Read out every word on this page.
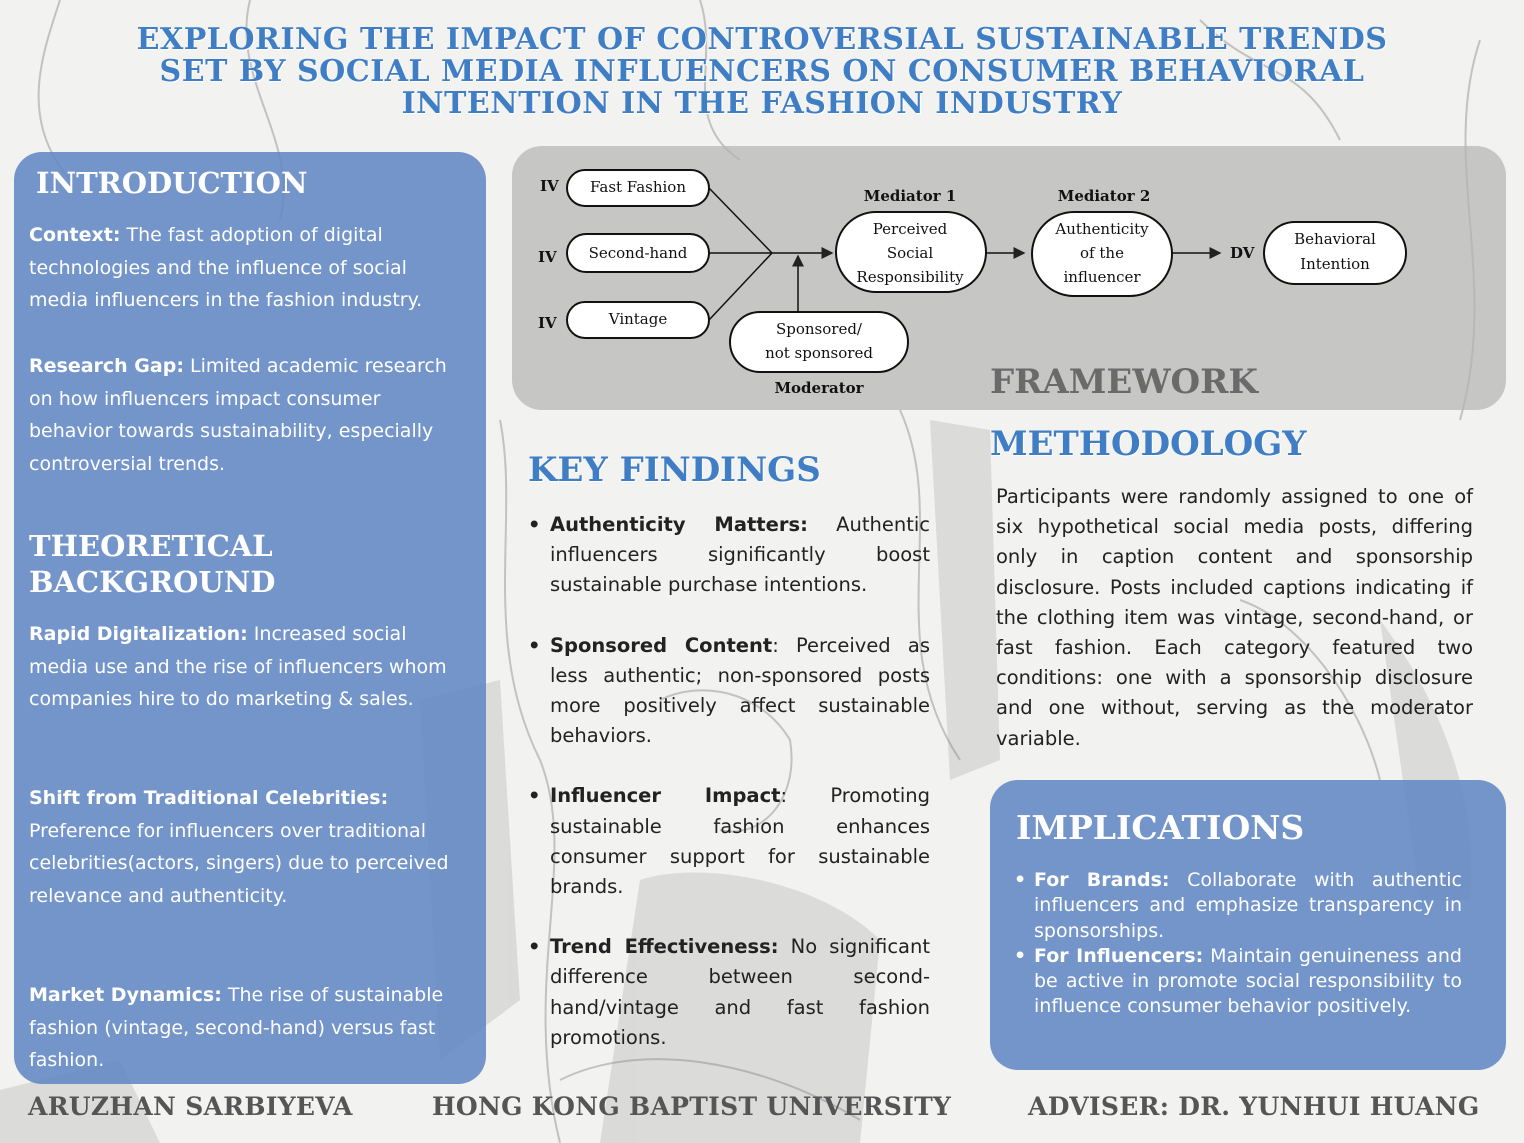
EXPLORING THE IMPACT OF CONTROVERSIAL SUSTAINABLE TRENDS
SET BY SOCIAL MEDIA INFLUENCERS ON CONSUMER BEHAVIORAL
INTENTION IN THE FASHION INDUSTRY
INTRODUCTION
Context: The fast adoption of digital technologies and the influence of social media influencers in the fashion industry.
Research Gap: Limited academic research on how influencers impact consumer behavior towards sustainability, especially controversial trends.
THEORETICAL
BACKGROUND
Rapid Digitalization: Increased social media use and the rise of influencers whom companies hire to do marketing & sales.
Shift from Traditional Celebrities: Preference for influencers over traditional celebrities(actors, singers) due to perceived relevance and authenticity.
Market Dynamics: The rise of sustainable fashion (vintage, second-hand) versus fast fashion.
IV
IV
IV
Fast Fashion
Second-hand
Vintage
Sponsored/
not sponsored
Moderator
Mediator 1
Perceived
Social
Responsibility
Mediator 2
Authenticity
of the
influencer
DV
Behavioral
Intention
FRAMEWORK
KEY FINDINGS
• Authenticity Matters: Authentic influencers significantly boost sustainable purchase intentions.
• Sponsored Content: Perceived as less authentic; non-sponsored posts more positively affect sustainable behaviors.
• Influencer Impact: Promoting sustainable fashion enhances consumer support for sustainable brands.
• Trend Effectiveness: No significant difference between second-hand/vintage and fast fashion promotions.
METHODOLOGY
Participants were randomly assigned to one of six hypothetical social media posts, differing only in caption content and sponsorship disclosure. Posts included captions indicating if the clothing item was vintage, second-hand, or fast fashion. Each category featured two conditions: one with a sponsorship disclosure and one without, serving as the moderator variable.
IMPLICATIONS
• For Brands: Collaborate with authentic influencers and emphasize transparency in sponsorships.
• For Influencers: Maintain genuineness and be active in promote social responsibility to influence consumer behavior positively.
ARUZHAN SARBIYEVA	HONG KONG BAPTIST UNIVERSITY	ADVISER: DR. YUNHUI HUANG
